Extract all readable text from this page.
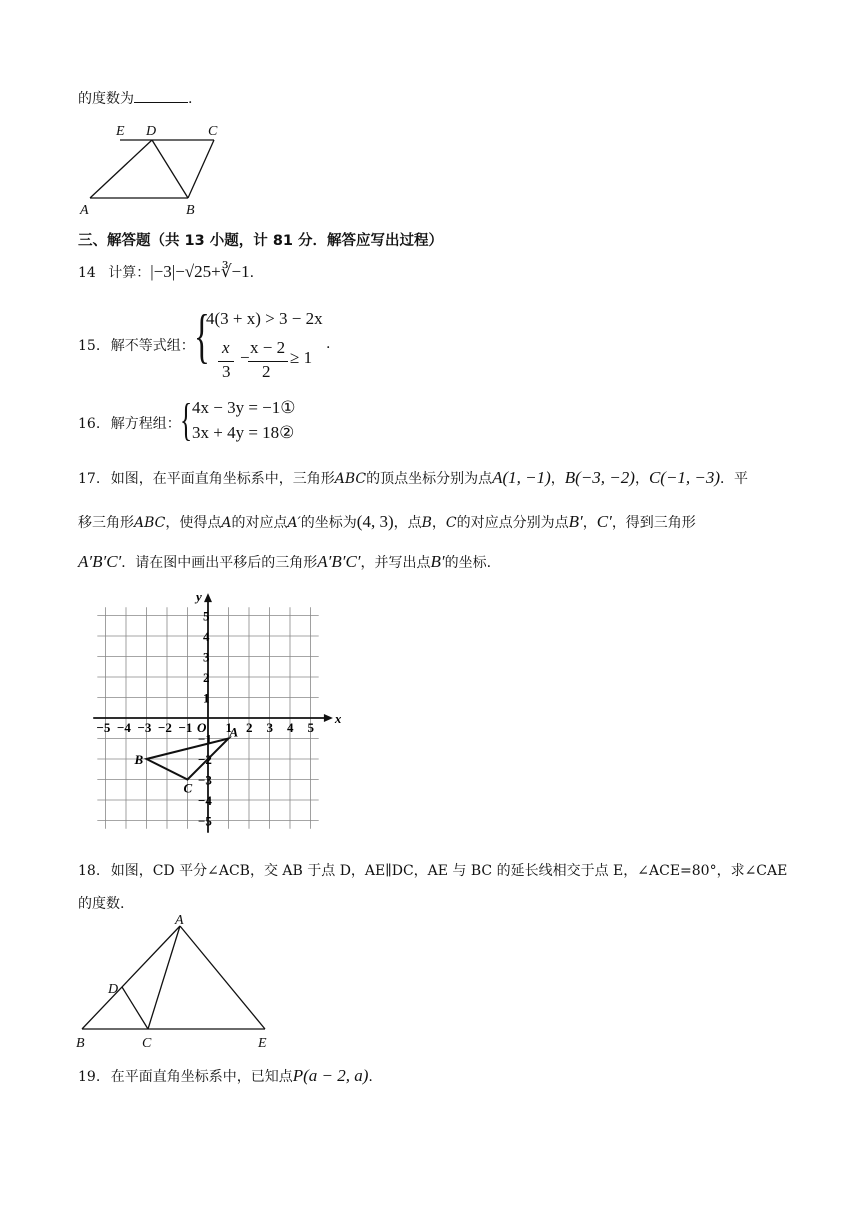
的度数为	.
E D	C
A	B
三、解答题（共 13 小题，计 81 分．解答应写出过程）
14 计算：|−3|−√25+∛−1.
15. 解不等式组： {
4(3 + x) > 3 − 2x
x
3
−
x − 2
2
≥ 1
.
16. 解方程组： { 4x − 3y = −1①
3x + 4y = 18②
17. 如图，在平面直角坐标系中，三角形ABC的顶点坐标分别为点A(1, −1)，B(−3, −2)，C(−1, −3)．平
移三角形ABC，使得点A的对应点A′的坐标为(4, 3)，点B，C的对应点分别为点B′，C′，得到三角形
A′B′C′．请在图中画出平移后的三角形A′B′C′，并写出点B′的坐标.
x
y
O
−5 −4 −3 −2 −1	1 2 3 4 5
5
4
3
2
1
−1
−2
−3
−4
−5
A
B
C
18. 如图，CD 平分∠ACB，交 AB 于点 D，AE∥DC，AE 与 BC 的延长线相交于点 E，∠ACE=80°，求∠CAE
的度数.
A
D
B	C	E
19. 在平面直角坐标系中，已知点P(a − 2, a).
